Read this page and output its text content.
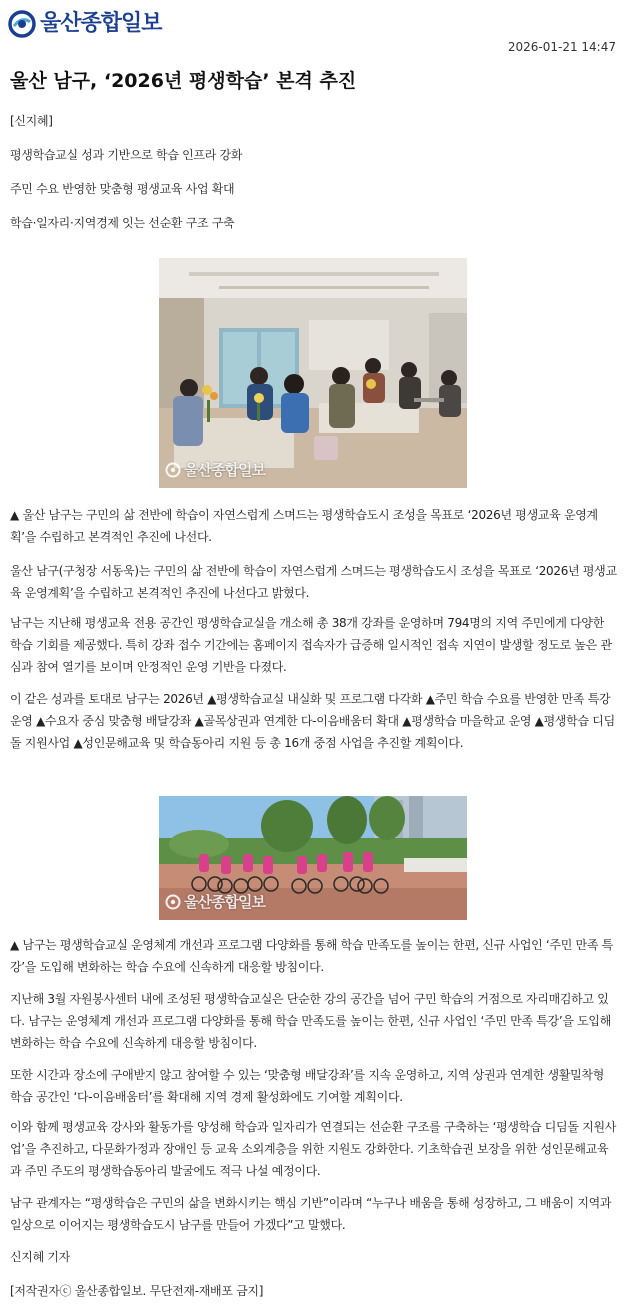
울산종합일보
2026-01-21 14:47
울산 남구, ‘2026년 평생학습’ 본격 추진

[신지혜]

평생학습교실 성과 기반으로 학습 인프라 강화

주민 수요 반영한 맞춤형 평생교육 사업 확대

학습·일자리·지역경제 잇는 선순환 구조 구축

울산종합일보

▲ 울산 남구는 구민의 삶 전반에 학습이 자연스럽게 스며드는 평생학습도시 조성을 목표로 ‘2026년 평생교육 운영계획’을 수립하고 본격적인 추진에 나선다.

울산 남구(구청장 서동욱)는 구민의 삶 전반에 학습이 자연스럽게 스며드는 평생학습도시 조성을 목표로 ‘2026년 평생교육 운영계획’을 수립하고 본격적인 추진에 나선다고 밝혔다.

남구는 지난해 평생교육 전용 공간인 평생학습교실을 개소해 총 38개 강좌를 운영하며 794명의 지역 주민에게 다양한 학습 기회를 제공했다. 특히 강좌 접수 기간에는 홈페이지 접속자가 급증해 일시적인 접속 지연이 발생할 정도로 높은 관심과 참여 열기를 보이며 안정적인 운영 기반을 다졌다.

이 같은 성과를 토대로 남구는 2026년 ▲평생학습교실 내실화 및 프로그램 다각화 ▲주민 학습 수요를 반영한 만족 특강 운영 ▲수요자 중심 맞춤형 배달강좌 ▲골목상권과 연계한 다-이음배움터 확대 ▲평생학습 마을학교 운영 ▲평생학습 디딤돌 지원사업 ▲성인문해교육 및 학습동아리 지원 등 총 16개 중점 사업을 추진할 계획이다.

울산종합일보

▲ 남구는 평생학습교실 운영체계 개선과 프로그램 다양화를 통해 학습 만족도를 높이는 한편, 신규 사업인 ‘주민 만족 특강’을 도입해 변화하는 학습 수요에 신속하게 대응할 방침이다.

지난해 3월 자원봉사센터 내에 조성된 평생학습교실은 단순한 강의 공간을 넘어 구민 학습의 거점으로 자리매김하고 있다. 남구는 운영체계 개선과 프로그램 다양화를 통해 학습 만족도를 높이는 한편, 신규 사업인 ‘주민 만족 특강’을 도입해 변화하는 학습 수요에 신속하게 대응할 방침이다.

또한 시간과 장소에 구애받지 않고 참여할 수 있는 ‘맞춤형 배달강좌’를 지속 운영하고, 지역 상권과 연계한 생활밀착형 학습 공간인 ‘다-이음배움터’를 확대해 지역 경제 활성화에도 기여할 계획이다.

이와 함께 평생교육 강사와 활동가를 양성해 학습과 일자리가 연결되는 선순환 구조를 구축하는 ‘평생학습 디딤돌 지원사업’을 추진하고, 다문화가정과 장애인 등 교육 소외계층을 위한 지원도 강화한다. 기초학습권 보장을 위한 성인문해교육과 주민 주도의 평생학습동아리 발굴에도 적극 나설 예정이다.

남구 관계자는 “평생학습은 구민의 삶을 변화시키는 핵심 기반”이라며 “누구나 배움을 통해 성장하고, 그 배움이 지역과 일상으로 이어지는 평생학습도시 남구를 만들어 가겠다”고 말했다.

신지혜 기자

[저작권자ⓒ 울산종합일보. 무단전재-재배포 금지]
